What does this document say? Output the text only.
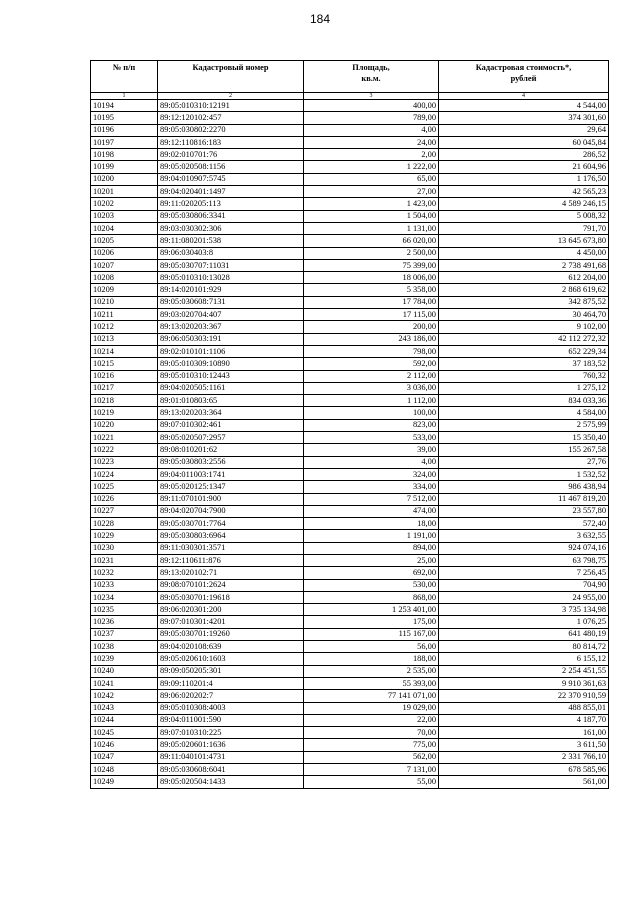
184
№ п/п	Кадастровый номер	Площадь,
кв.м.	Кадастровая стоимость*,
рублей
1	2	3	4
10194	89:05:010310:12191	400,00	4 544,00
10195	89:12:120102:457	789,00	374 301,60
10196	89:05:030802:2270	4,00	29,64
10197	89:12:110816:183	24,00	60 045,84
10198	89:02:010701:76	2,00	286,52
10199	89:05:020508:1156	1 222,00	21 604,96
10200	89:04:010907:5745	65,00	1 176,50
10201	89:04:020401:1497	27,00	42 565,23
10202	89:11:020205:113	1 423,00	4 589 246,15
10203	89:05:030806:3341	1 504,00	5 008,32
10204	89:03:030302:306	1 131,00	791,70
10205	89:11:080201:538	66 020,00	13 645 673,80
10206	89:06:030403:8	2 500,00	4 450,00
10207	89:05:030707:11031	75 399,00	2 738 491,68
10208	89:05:010310:13028	18 006,00	612 204,00
10209	89:14:020101:929	5 358,00	2 868 619,62
10210	89:05:030608:7131	17 784,00	342 875,52
10211	89:03:020704:407	17 115,00	30 464,70
10212	89:13:020203:367	200,00	9 102,00
10213	89:06:050303:191	243 186,00	42 112 272,32
10214	89:02:010101:1106	798,00	652 229,34
10215	89:05:010309:10890	592,00	37 183,52
10216	89:05:010310:12443	2 112,00	760,32
10217	89:04:020505:1161	3 036,00	1 275,12
10218	89:01:010803:65	1 112,00	834 033,36
10219	89:13:020203:364	100,00	4 584,00
10220	89:07:010302:461	823,00	2 575,99
10221	89:05:020507:2957	533,00	15 350,40
10222	89:08:010201:62	39,00	155 267,58
10223	89:05:030803:2556	4,00	27,76
10224	89:04:011003:1741	324,00	1 532,52
10225	89:05:020125:1347	334,00	986 438,94
10226	89:11:070101:900	7 512,00	11 467 819,20
10227	89:04:020704:7900	474,00	23 557,80
10228	89:05:030701:7764	18,00	572,40
10229	89:05:030803:6964	1 191,00	3 632,55
10230	89:11:030301:3571	894,00	924 074,16
10231	89:12:110611:876	25,00	63 798,75
10232	89:13:020102:71	692,00	7 256,45
10233	89:08:070101:2624	530,00	704,90
10234	89:05:030701:19618	868,00	24 955,00
10235	89:06:020301:200	1 253 401,00	3 735 134,98
10236	89:07:010301:4201	175,00	1 076,25
10237	89:05:030701:19260	115 167,00	641 480,19
10238	89:04:020108:639	56,00	80 814,72
10239	89:05:020610:1603	188,00	6 155,12
10240	89:09:050205:301	2 535,00	2 254 451,55
10241	89:09:110201:4	55 393,00	9 910 361,63
10242	89:06:020202:7	77 141 071,00	22 370 910,59
10243	89:05:010308:4003	19 029,00	488 855,01
10244	89:04:011001:590	22,00	4 187,70
10245	89:07:010310:225	70,00	161,00
10246	89:05:020601:1636	775,00	3 611,50
10247	89:11:040101:4731	562,00	2 331 766,10
10248	89:05:030608:6041	7 131,00	678 585,96
10249	89:05:020504:1433	55,00	561,00
